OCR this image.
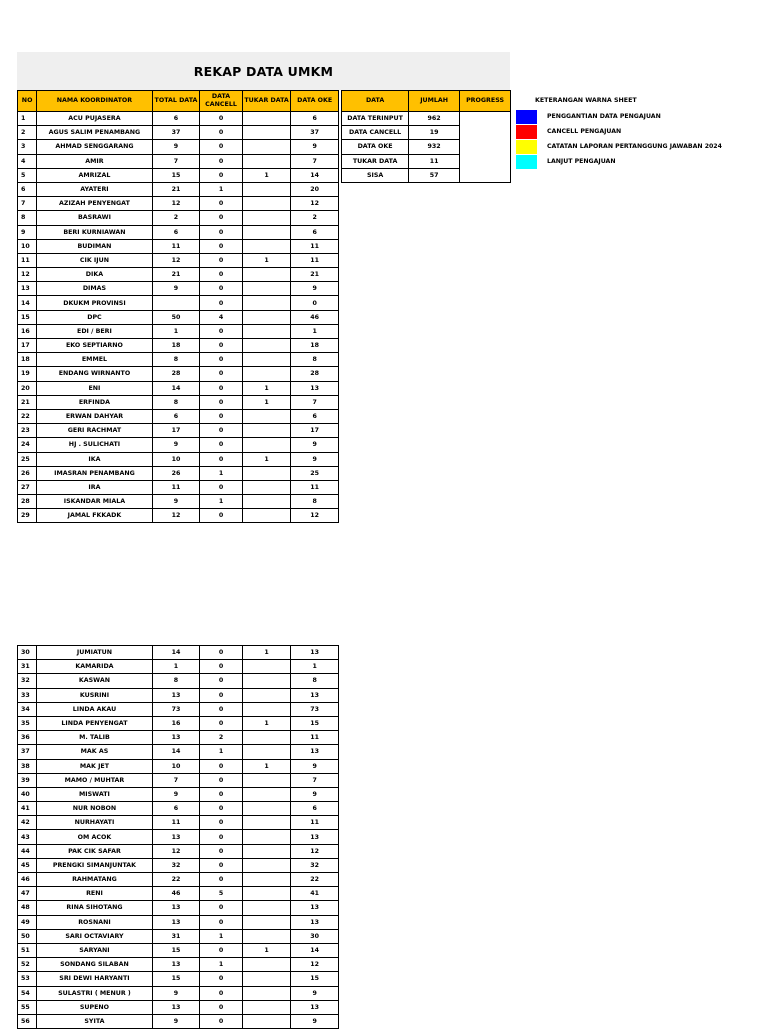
REKAP DATA UMKM
NO	NAMA KOORDINATOR	TOTAL DATA	DATA CANCELL	TUKAR DATA	DATA OKE
1	ACU PUJASERA	6	0		6
2	AGUS SALIM PENAMBANG	37	0		37
3	AHMAD SENGGARANG	9	0		9
4	AMIR	7	0		7
5	AMRIZAL	15	0	1	14
6	AYATERI	21	1		20
7	AZIZAH PENYENGAT	12	0		12
8	BASRAWI	2	0		2
9	BERI KURNIAWAN	6	0		6
10	BUDIMAN	11	0		11
11	CIK IJUN	12	0	1	11
12	DIKA	21	0		21
13	DIMAS	9	0		9
14	DKUKM PROVINSI		0		0
15	DPC	50	4		46
16	EDI / BERI	1	0		1
17	EKO SEPTIARNO	18	0		18
18	EMMEL	8	0		8
19	ENDANG WIRNANTO	28	0		28
20	ENI	14	0	1	13
21	ERFINDA	8	0	1	7
22	ERWAN DAHYAR	6	0		6
23	GERI RACHMAT	17	0		17
24	HJ . SULICHATI	9	0		9
25	IKA	10	0	1	9
26	IMASRAN PENAMBANG	26	1		25
27	IRA	11	0		11
28	ISKANDAR MIALA	9	1		8
29	JAMAL FKKADK	12	0		12
DATA	JUMLAH	PROGRESS
DATA TERINPUT	962	
DATA CANCELL	19	
DATA OKE	932	
TUKAR DATA	11	
SISA	57	
KETERANGAN WARNA SHEET
PENGGANTIAN DATA PENGAJUAN
CANCELL PENGAJUAN
CATATAN LAPORAN PERTANGGUNG JAWABAN 2024
LANJUT PENGAJUAN
30	JUMIATUN	14	0	1	13
31	KAMARIDA	1	0		1
32	KASWAN	8	0		8
33	KUSRINI	13	0		13
34	LINDA AKAU	73	0		73
35	LINDA PENYENGAT	16	0	1	15
36	M. TALIB	13	2		11
37	MAK AS	14	1		13
38	MAK JET	10	0	1	9
39	MAMO / MUHTAR	7	0		7
40	MISWATI	9	0		9
41	NUR NOBON	6	0		6
42	NURHAYATI	11	0		11
43	OM ACOK	13	0		13
44	PAK CIK SAFAR	12	0		12
45	PRENGKI SIMANJUNTAK	32	0		32
46	RAHMATANG	22	0		22
47	RENI	46	5		41
48	RINA SIHOTANG	13	0		13
49	ROSNANI	13	0		13
50	SARI OCTAVIARY	31	1		30
51	SARYANI	15	0	1	14
52	SONDANG SILABAN	13	1		12
53	SRI DEWI HARYANTI	15	0		15
54	SULASTRI ( MENUR )	9	0		9
55	SUPENO	13	0		13
56	SYITA	9	0		9
